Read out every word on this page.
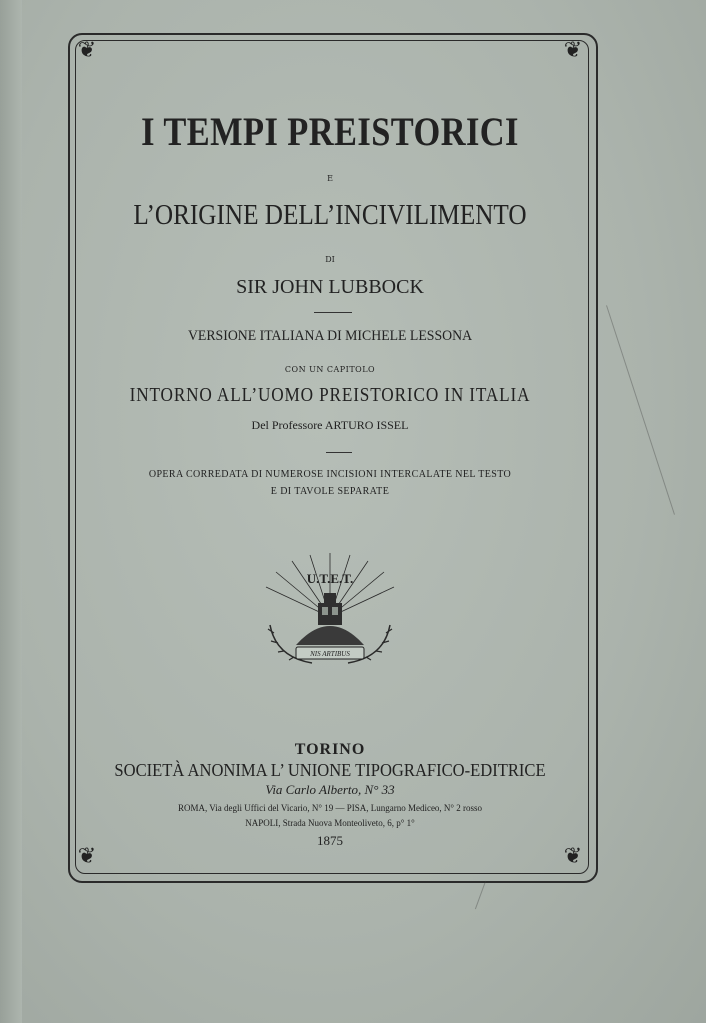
❦	❦
❦	❦
I TEMPI PREISTORICI
E
L’ORIGINE DELL’INCIVILIMENTO
DI
SIR JOHN LUBBOCK
VERSIONE ITALIANA DI MICHELE LESSONA
CON UN CAPITOLO
INTORNO ALL’UOMO PREISTORICO IN ITALIA
Del Professore ARTURO ISSEL
OPERA CORREDATA DI NUMEROSE INCISIONI INTERCALATE NEL TESTO
E DI TAVOLE SEPARATE
U.T.E.T.
NIS ARTIBUS
TORINO
SOCIETÀ ANONIMA L’ UNIONE TIPOGRAFICO-EDITRICE
Via Carlo Alberto, N° 33
ROMA, Via degli Uffici del Vicario, N° 19 — PISA, Lungarno Mediceo, N° 2 rosso
NAPOLI, Strada Nuova Monteoliveto, 6, p° 1°
1875
